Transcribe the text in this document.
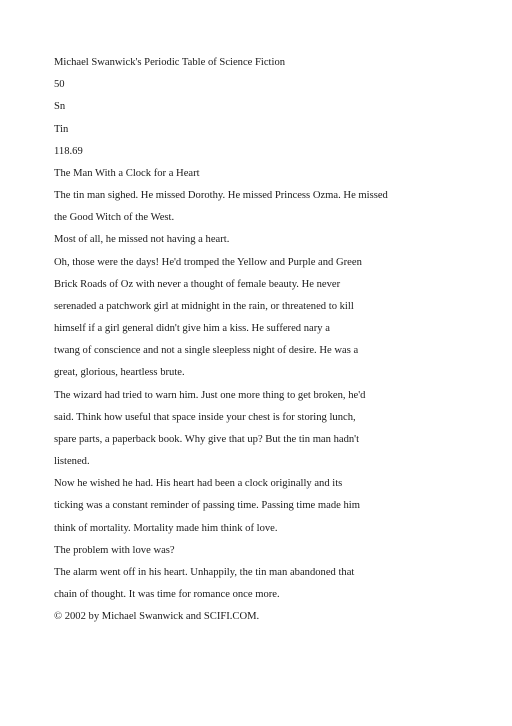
Michael Swanwick's Periodic Table of Science Fiction
50
Sn
Tin
118.69
The Man With a Clock for a Heart
The tin man sighed. He missed Dorothy. He missed Princess Ozma. He missed
the Good Witch of the West.
Most of all, he missed not having a heart.
Oh, those were the days! He'd tromped the Yellow and Purple and Green
Brick Roads of Oz with never a thought of female beauty. He never
serenaded a patchwork girl at midnight in the rain, or threatened to kill
himself if a girl general didn't give him a kiss. He suffered nary a
twang of conscience and not a single sleepless night of desire. He was a
great, glorious, heartless brute.
The wizard had tried to warn him. Just one more thing to get broken, he'd
said. Think how useful that space inside your chest is for storing lunch,
spare parts, a paperback book. Why give that up? But the tin man hadn't
listened.
Now he wished he had. His heart had been a clock originally and its
ticking was a constant reminder of passing time. Passing time made him
think of mortality. Mortality made him think of love.
The problem with love was?
The alarm went off in his heart. Unhappily, the tin man abandoned that
chain of thought. It was time for romance once more.
© 2002 by Michael Swanwick and SCIFI.COM.
